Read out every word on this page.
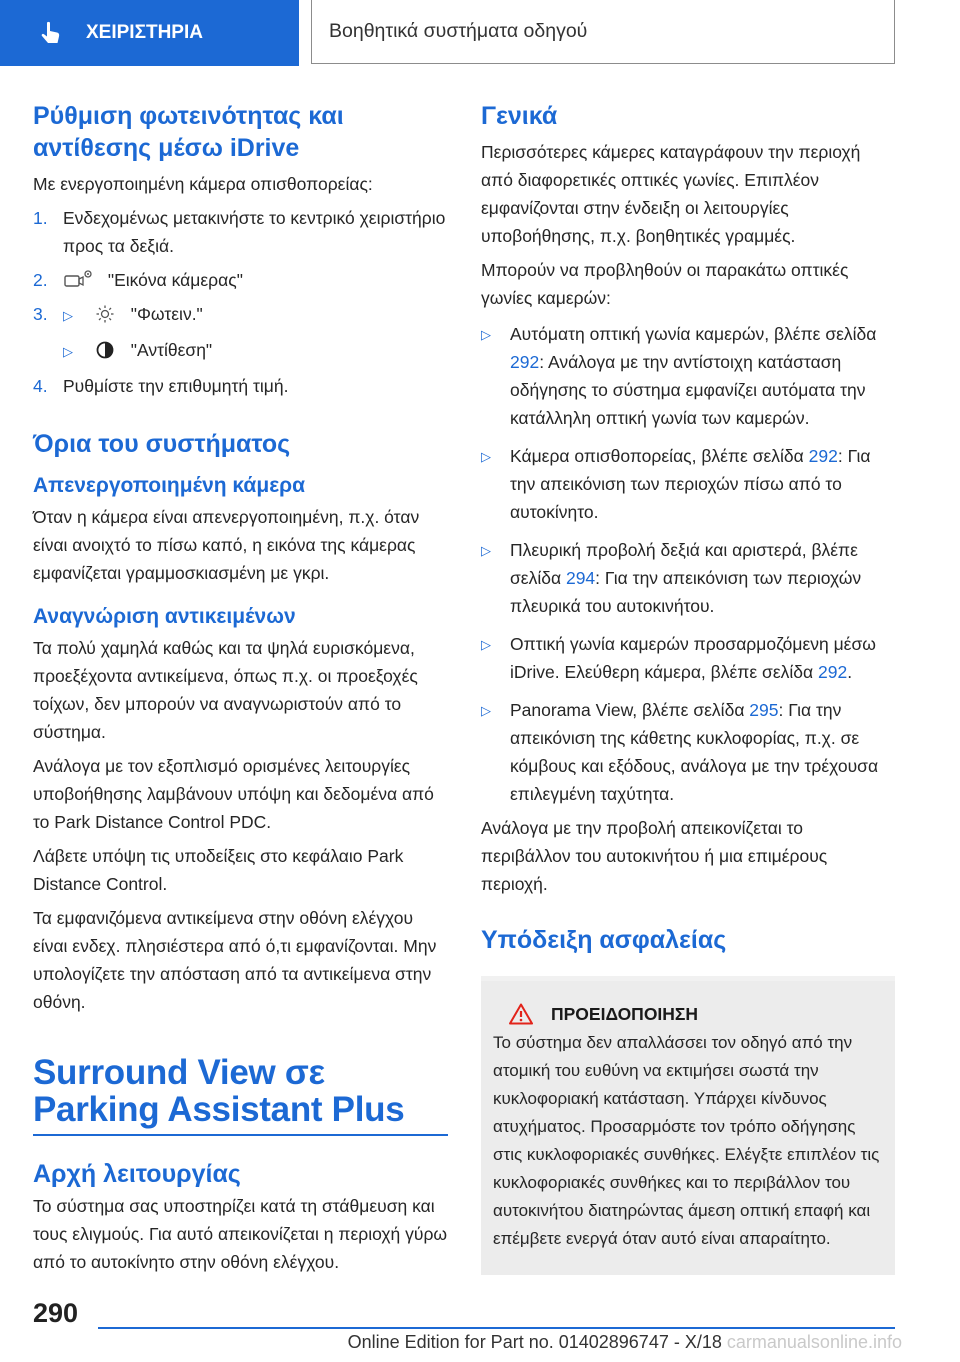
ΧΕΙΡΙΣΤΗΡΙΑ	Βοηθητικά συστήματα οδηγού
Ρύθμιση φωτεινότητας και αντίθεσης μέσω iDrive

Με ενεργοποιημένη κάμερα οπισθοπορείας:

1. Ενδεχομένως μετακινήστε το κεντρικό χειριστήριο προς τα δεξιά.
2.	"Εικόνα κάμερας"
3. ▷	"Φωτειν."
▷	"Αντίθεση"
4. Ρυθμίστε την επιθυμητή τιμή.
Όρια του συστήματος
Απενεργοποιημένη κάμερα

Όταν η κάμερα είναι απενεργοποιημένη, π.χ. όταν είναι ανοιχτό το πίσω καπό, η εικόνα της κάμερας εμφανίζεται γραμμοσκιασμένη με γκρι.

Αναγνώριση αντικειμένων

Τα πολύ χαμηλά καθώς και τα ψηλά ευρισκόμενα, προεξέχοντα αντικείμενα, όπως π.χ. οι προεξοχές τοίχων, δεν μπορούν να αναγνωριστούν από το σύστημα.

Ανάλογα με τον εξοπλισμό ορισμένες λειτουργίες υποβοήθησης λαμβάνουν υπόψη και δεδομένα από το Park Distance Control PDC.

Λάβετε υπόψη τις υποδείξεις στο κεφάλαιο Park Distance Control.

Τα εμφανιζόμενα αντικείμενα στην οθόνη ελέγχου είναι ενδεχ. πλησιέστερα από ό,τι εμφανίζονται. Μην υπολογίζετε την απόσταση από τα αντικείμενα στην οθόνη.

Surround View σε Parking Assistant Plus
Αρχή λειτουργίας

Το σύστημα σας υποστηρίζει κατά τη στάθμευση και τους ελιγμούς. Για αυτό απεικονίζεται η περιοχή γύρω από το αυτοκίνητο στην οθόνη ελέγχου.

Γενικά

Περισσότερες κάμερες καταγράφουν την περιοχή από διαφορετικές οπτικές γωνίες. Επιπλέον εμφανίζονται στην ένδειξη οι λειτουργίες υποβοήθησης, π.χ. βοηθητικές γραμμές.

Μπορούν να προβληθούν οι παρακάτω οπτικές γωνίες καμερών:

▷ Αυτόματη οπτική γωνία καμερών, βλέπε σελίδα 292: Ανάλογα με την αντίστοιχη κατάσταση οδήγησης το σύστημα εμφανίζει αυτόματα την κατάλληλη οπτική γωνία των καμερών.
▷ Κάμερα οπισθοπορείας, βλέπε σελίδα 292: Για την απεικόνιση των περιοχών πίσω από το αυτοκίνητο.
▷ Πλευρική προβολή δεξιά και αριστερά, βλέπε σελίδα 294: Για την απεικόνιση των περιοχών πλευρικά του αυτοκινήτου.
▷ Οπτική γωνία καμερών προσαρμοζόμενη μέσω iDrive. Ελεύθερη κάμερα, βλέπε σελίδα 292.
▷ Panorama View, βλέπε σελίδα 295: Για την απεικόνιση της κάθετης κυκλοφορίας, π.χ. σε κόμβους και εξόδους, ανάλογα με την τρέχουσα επιλεγμένη ταχύτητα.

Ανάλογα με την προβολή απεικονίζεται το περιβάλλον του αυτοκινήτου ή μια επιμέρους περιοχή.

Υπόδειξη ασφαλείας
ΠΡΟΕΙΔΟΠΟΙΗΣΗ

Το σύστημα δεν απαλλάσσει τον οδηγό από την ατομική του ευθύνη να εκτιμήσει σωστά την κυκλοφοριακή κατάσταση. Υπάρχει κίνδυνος ατυχήματος. Προσαρμόστε τον τρόπο οδήγησης στις κυκλοφοριακές συνθήκες. Ελέγξτε επιπλέον τις κυκλοφοριακές συνθήκες και το περιβάλλον του αυτοκινήτου διατηρώντας άμεση οπτική επαφή και επέμβετε ενεργά όταν αυτό είναι απαραίτητο.

290
Online Edition for Part no. 01402896747 - X/18 carmanualsonline.info
